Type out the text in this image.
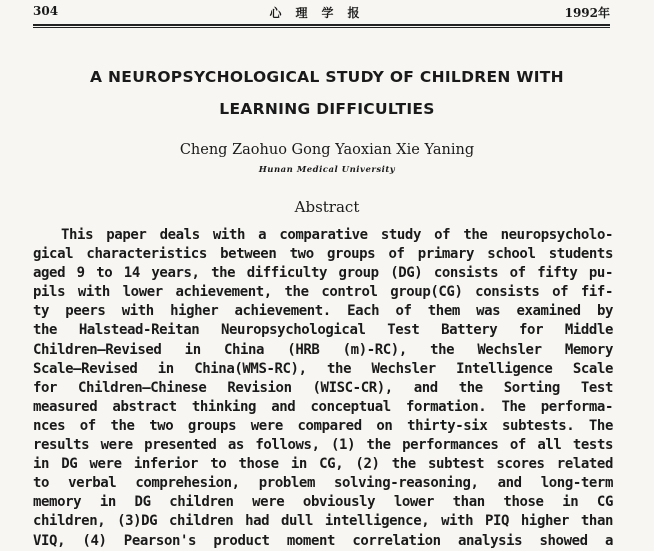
304	心理学报	1992年
A NEUROPSYCHOLOGICAL STUDY OF CHILDREN WITH
LEARNING DIFFICULTIES
Cheng Zaohuo Gong Yaoxian Xie Yaning
Hunan Medical University
Abstract
This paper deals with a comparative study of the neuropsycholo-
gical characteristics between two groups of primary school students
aged 9 to 14 years, the difficulty group (DG) consists of fifty pu-
pils with lower achievement, the control group(CG) consists of fif-
ty peers with higher achievement. Each of them was examined by
the Halstead-Reitan Neuropsychological Test Battery for Middle
Children—Revised in China (HRB (m)-RC), the Wechsler Memory
Scale—Revised in China(WMS-RC), the Wechsler Intelligence Scale
for Children—Chinese Revision (WISC-CR), and the Sorting Test
measured abstract thinking and conceptual formation. The performa-
nces of the two groups were compared on thirty-six subtests. The
results were presented as follows, (1) the performances of all tests
in DG were inferior to those in CG, (2) the subtest scores related
to verbal comprehesion, problem solving-reasoning, and long-term
memory in DG children were obviously lower than those in CG
children, (3)DG children had dull intelligence, with PIQ higher than
VIQ, (4) Pearson's product moment correlation analysis showed a
